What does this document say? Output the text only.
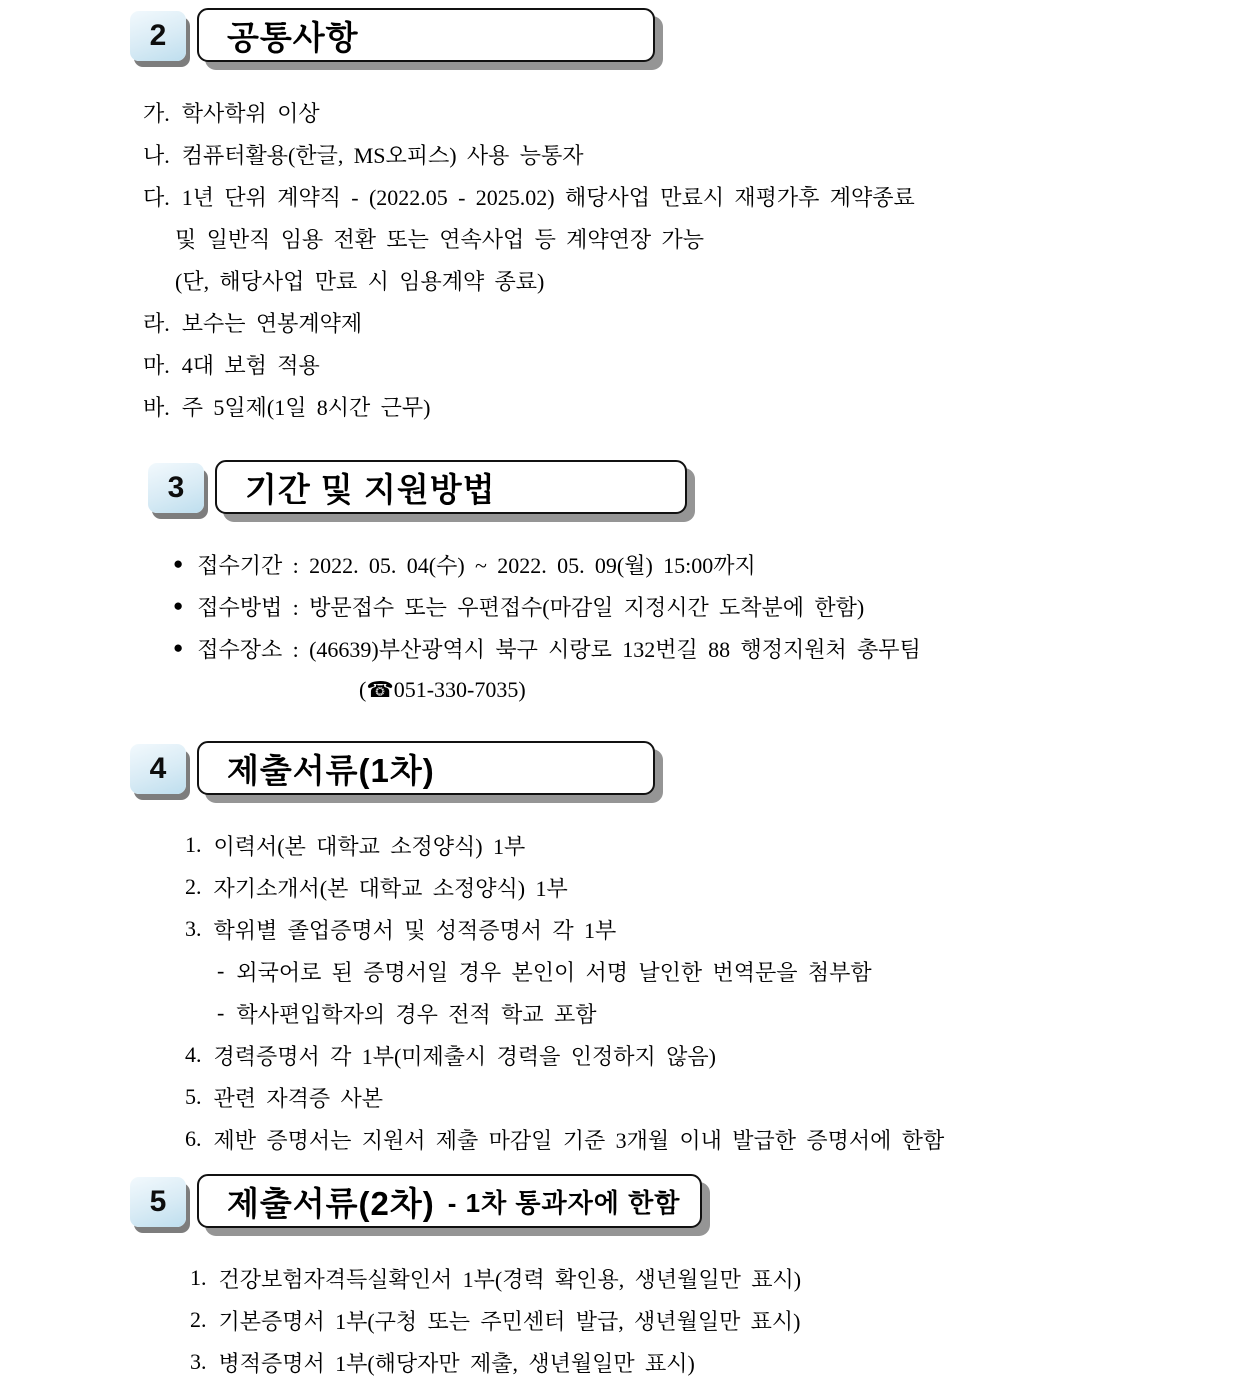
2	공통사항
가. 학사학위 이상
나. 컴퓨터활용(한글, MS오피스) 사용 능통자
다. 1년 단위 계약직 - (2022.05 - 2025.02) 해당사업 만료시 재평가후 계약종료
및 일반직 임용 전환 또는 연속사업 등 계약연장 가능
(단, 해당사업 만료 시 임용계약 종료)
라. 보수는 연봉계약제
마. 4대 보험 적용
바. 주 5일제(1일 8시간 근무)
3	기간 및 지원방법
● 접수기간 : 2022. 05. 04(수) ~ 2022. 05. 09(월) 15:00까지
● 접수방법 : 방문접수 또는 우편접수(마감일 지정시간 도착분에 한함)
● 접수장소 : (46639)부산광역시 북구 시랑로 132번길 88 행정지원처 총무팀
(☎051-330-7035)
4	제출서류(1차)
1. 이력서(본 대학교 소정양식) 1부
2. 자기소개서(본 대학교 소정양식) 1부
3. 학위별 졸업증명서 및 성적증명서 각 1부
- 외국어로 된 증명서일 경우 본인이 서명 날인한 번역문을 첨부함
- 학사편입학자의 경우 전적 학교 포함
4. 경력증명서 각 1부(미제출시 경력을 인정하지 않음)
5. 관련 자격증 사본
6. 제반 증명서는 지원서 제출 마감일 기준 3개월 이내 발급한 증명서에 한함
5	제출서류(2차) - 1차 통과자에 한함
1. 건강보험자격득실확인서 1부(경력 확인용, 생년월일만 표시)
2. 기본증명서 1부(구청 또는 주민센터 발급, 생년월일만 표시)
3. 병적증명서 1부(해당자만 제출, 생년월일만 표시)
